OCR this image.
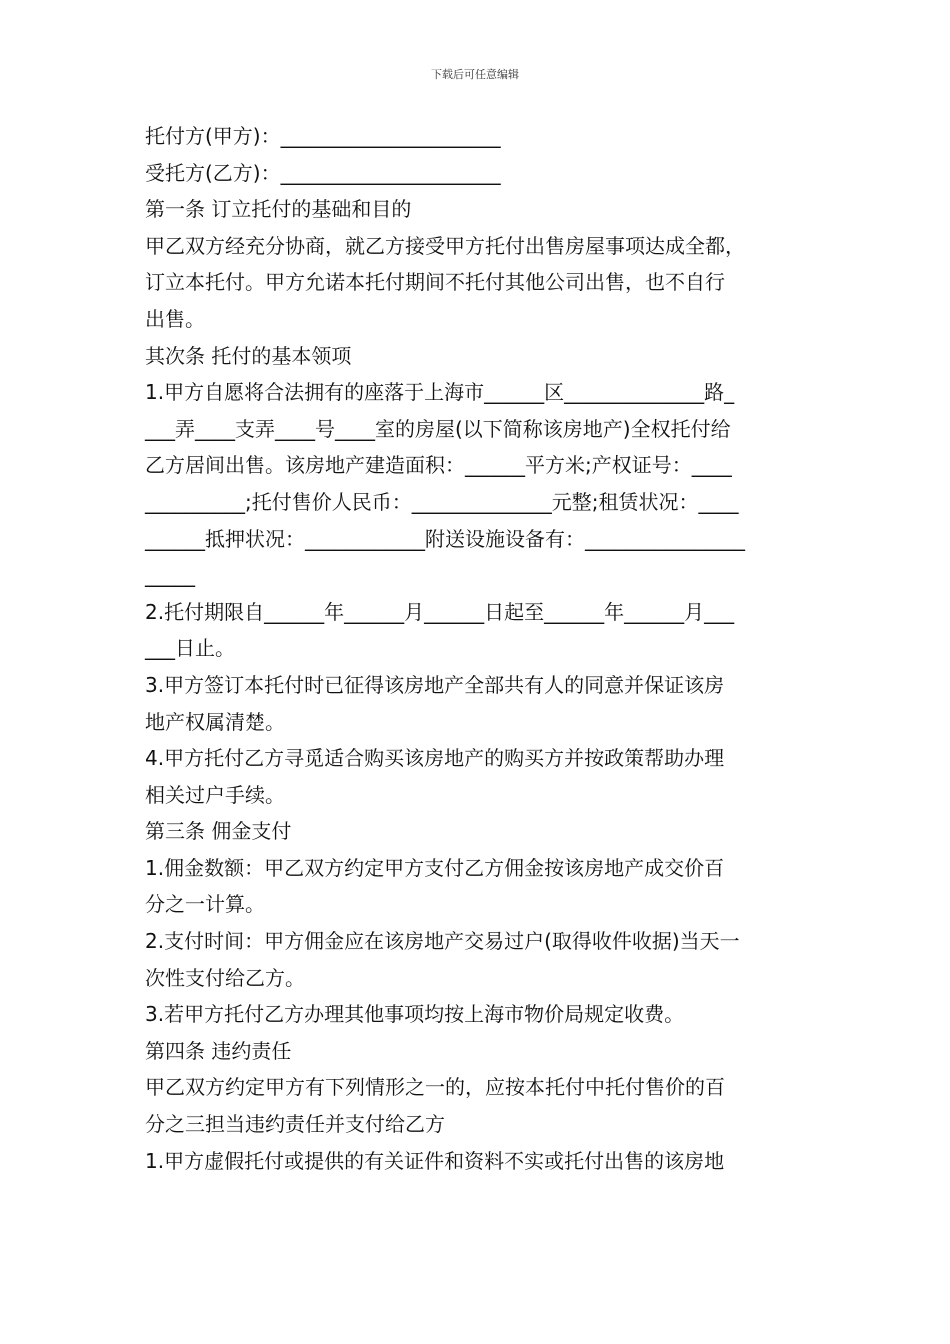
下载后可任意编辑
托付方(甲方)：______________________
受托方(乙方)：______________________
第一条 订立托付的基础和目的
甲乙双方经充分协商，就乙方接受甲方托付出售房屋事项达成全都，
订立本托付。甲方允诺本托付期间不托付其他公司出售，也不自行
出售。
其次条 托付的基本领项
1.甲方自愿将合法拥有的座落于上海市______区______________路_
___弄____支弄____号____室的房屋(以下简称该房地产)全权托付给
乙方居间出售。该房地产建造面积：______平方米;产权证号：____
__________;托付售价人民币：______________元整;租赁状况：____
______抵押状况：____________附送设施设备有：________________
_____
2.托付期限自______年______月______日起至______年______月___
___日止。
3.甲方签订本托付时已征得该房地产全部共有人的同意并保证该房
地产权属清楚。
4.甲方托付乙方寻觅适合购买该房地产的购买方并按政策帮助办理
相关过户手续。
第三条 佣金支付
1.佣金数额：甲乙双方约定甲方支付乙方佣金按该房地产成交价百
分之一计算。
2.支付时间：甲方佣金应在该房地产交易过户(取得收件收据)当天一
次性支付给乙方。
3.若甲方托付乙方办理其他事项均按上海市物价局规定收费。
第四条 违约责任
甲乙双方约定甲方有下列情形之一的，应按本托付中托付售价的百
分之三担当违约责任并支付给乙方
1.甲方虚假托付或提供的有关证件和资料不实或托付出售的该房地
